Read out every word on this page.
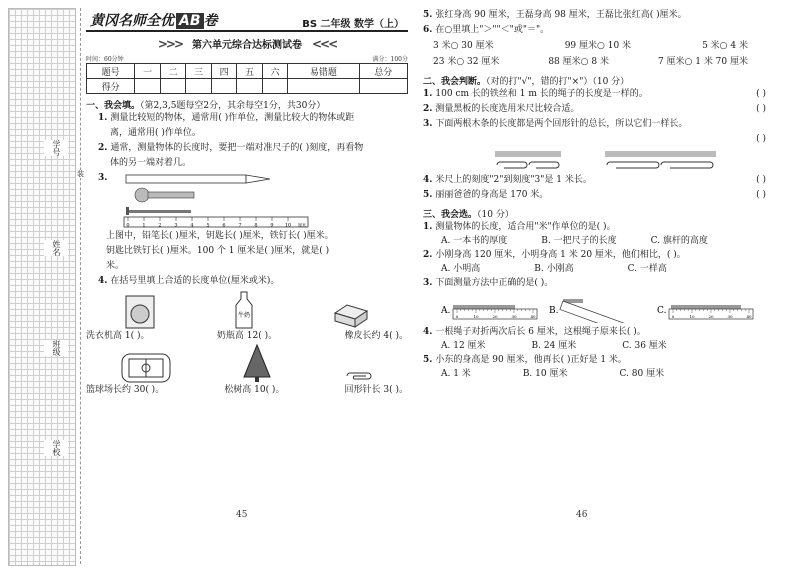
学号
姓名
班级
学校
装
黄冈名师全优 AB 卷	BS 二年级 数学（上）
>>> 第六单元综合达标测试卷 <<<
时间：60分钟	满分：100分
题号	一	二	三	四	五	六	易错题	总分
得分								
一、我会填。（第2,3,5题每空2分，其余每空1分，共30分）
1. 测量比较短的物体，通常用( )作单位，测量比较大的物体或距
离，通常用( )作单位。
2. 通常，测量物体的长度时，要把一端对准尺子的( )刻度，再看物
体的另一端对着几。
3.
0	1	2	3	4	5	6	7	8	9 10 厘米
上图中，铅笔长( )厘米，钥匙长( )厘米，铁钉长( )厘米。
钥匙比铁钉长( )厘米。100 个 1 厘米是( )厘米，就是( )
米。
4. 在括号里填上合适的长度单位(厘米或米)。
牛奶
洗衣机高 1( )。	奶瓶高 12( )。	橡皮长约 4( )。
篮球场长约 30( )。	松树高 10( )。	回形针长 3( )。
45
5. 张红身高 90 厘米，王磊身高 98 厘米，王磊比张红高( )厘米。
6. 在○里填上"＞""＜"或"＝"。
3 米○ 30 厘米	99 厘米○ 10 米	5 米○ 4 米
23 米○ 32 厘米	88 厘米○ 8 米	7 厘米○ 1 米 70 厘米
二、我会判断。（对的打"√"，错的打"×"）（10 分）
1. 100 cm 长的铁丝和 1 m 长的绳子的长度是一样的。	( )
2. 测量黑板的长度选用米尺比较合适。	( )
3. 下面两根木条的长度都是两个回形针的总长，所以它们一样长。
( )
4. 米尺上的刻度"2"到刻度"3"是 1 米长。	( )
5. 丽丽爸爸的身高是 170 米。	( )
三、我会选。（10 分）
1. 测量物体的长度，适合用"米"作单位的是( )。
A. 一本书的厚度	B. 一把尺子的长度	C. 旗杆的高度
2. 小刚身高 120 厘米，小明身高 1 米 20 厘米，他们相比，( )。
A. 小明高	B. 小刚高	C. 一样高
3. 下面测量方法中正确的是( )。
A.
0	10	20	30	40
B.	C.
0	10	20	30	40
4. 一根绳子对折两次后长 6 厘米，这根绳子原来长( )。
A. 12 厘米	B. 24 厘米	C. 36 厘米
5. 小东的身高是 90 厘米，他再长( )正好是 1 米。
A. 1 米	B. 10 厘米	C. 80 厘米
46
